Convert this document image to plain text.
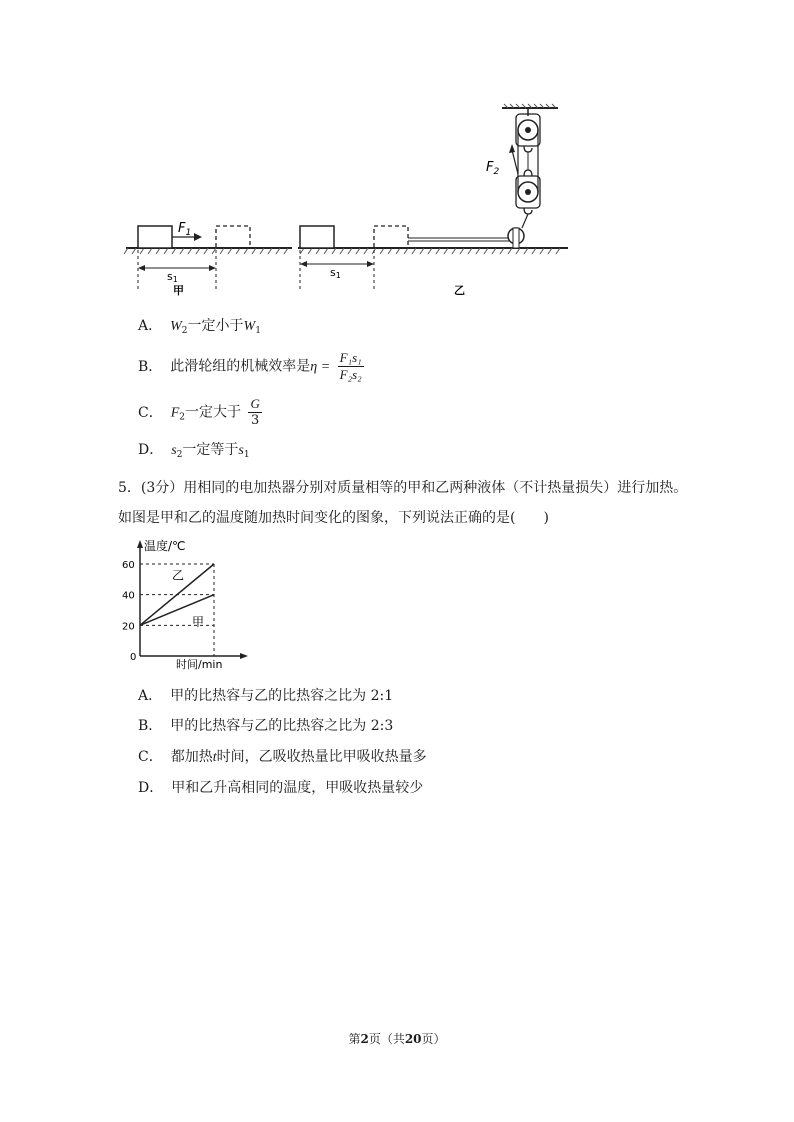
$F_2$
$F_1$
s1
甲
s1
乙
A． $W_2$一定小于$W_1$
B． 此滑轮组的机械效率是$\eta = \frac{\text{F₁s₁}}{\text{F₂s₂}}$
C． $F_2$一定大于 $\frac{G}{3}$
D． $s_2$一定等于$s_1$
5．(3分）用相同的电加热器分别对质量相等的甲和乙两种液体（不计热量损失）进行加热。
如图是甲和乙的温度随加热时间变化的图象，下列说法正确的是(　　)
温度/℃
时间/min
0
20
40
60
乙
甲
A． 甲的比热容与乙的比热容之比为 2:1
B． 甲的比热容与乙的比热容之比为 2:3
C． 都加热t时间，乙吸收热量比甲吸收热量多
D． 甲和乙升高相同的温度，甲吸收热量较少
第2页（共20页）
